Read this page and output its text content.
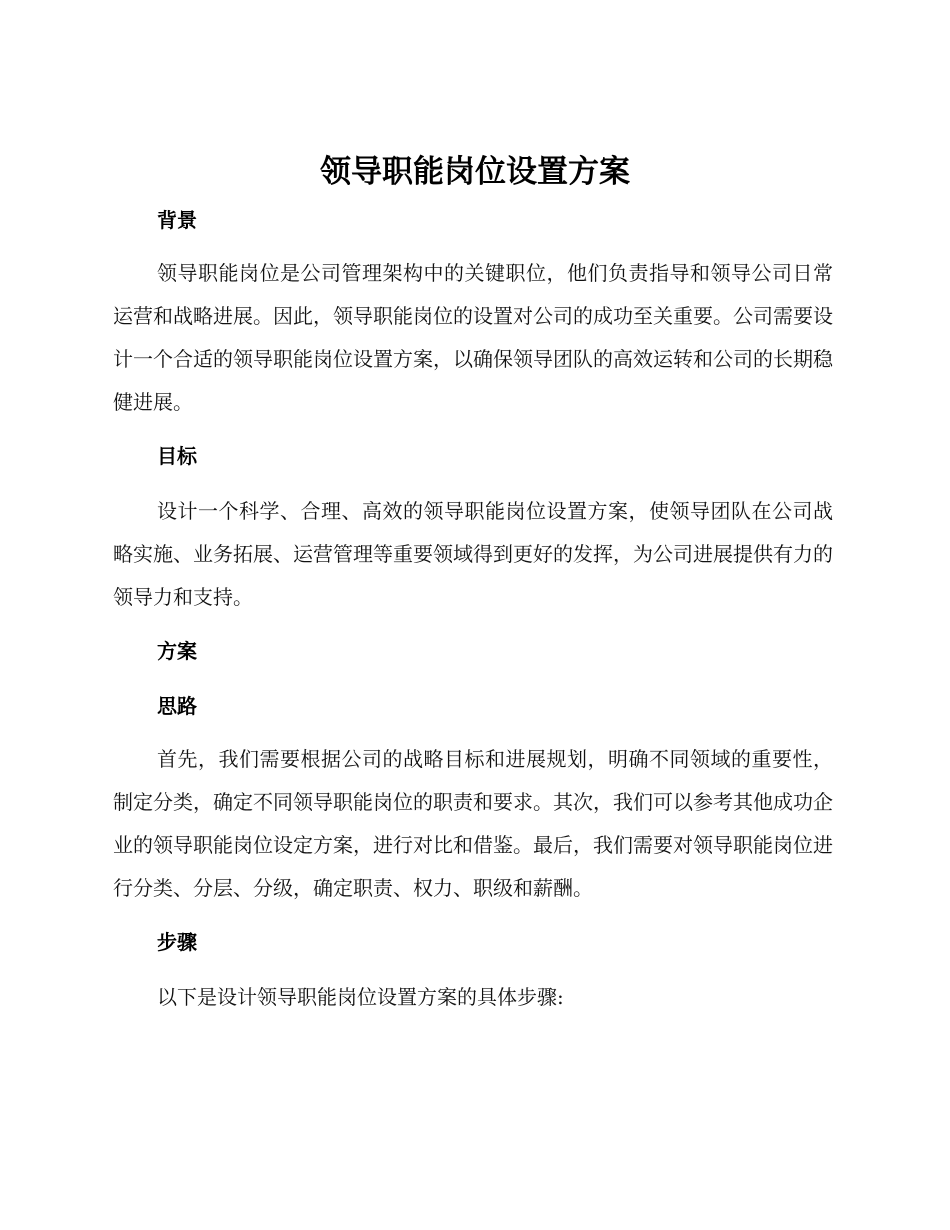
领导职能岗位设置方案
背景
领导职能岗位是公司管理架构中的关键职位，他们负责指导和领导公司日常运营和战略进展。因此，领导职能岗位的设置对公司的成功至关重要。公司需要设计一个合适的领导职能岗位设置方案，以确保领导团队的高效运转和公司的长期稳健进展。
目标
设计一个科学、合理、高效的领导职能岗位设置方案，使领导团队在公司战略实施、业务拓展、运营管理等重要领域得到更好的发挥，为公司进展提供有力的领导力和支持。
方案
思路
首先，我们需要根据公司的战略目标和进展规划，明确不同领域的重要性，制定分类，确定不同领导职能岗位的职责和要求。其次，我们可以参考其他成功企业的领导职能岗位设定方案，进行对比和借鉴。最后，我们需要对领导职能岗位进行分类、分层、分级，确定职责、权力、职级和薪酬。
步骤
以下是设计领导职能岗位设置方案的具体步骤:
